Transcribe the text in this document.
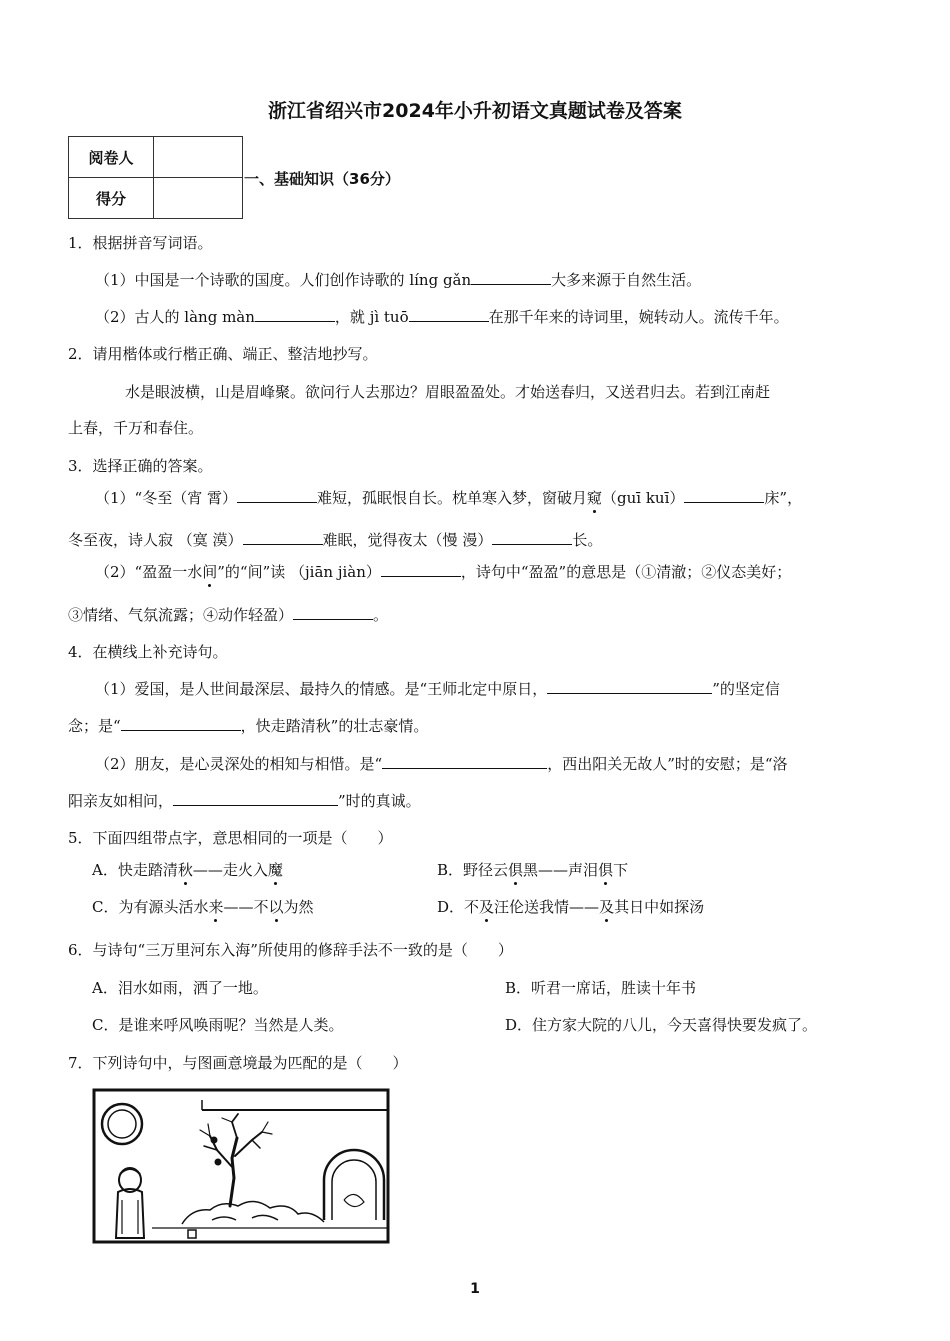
浙江省绍兴市2024年小升初语文真题试卷及答案
阅卷人	
得分	
一、基础知识（36分）
1．根据拼音写词语。
（1）中国是一个诗歌的国度。人们创作诗歌的 líng gǎn	大多来源于自然生活。
（2）古人的 làng màn	，就 jì tuō	在那千年来的诗词里，婉转动人。流传千年。
2．请用楷体或行楷正确、端正、整洁地抄写。
水是眼波横，山是眉峰聚。欲问行人去那边？眉眼盈盈处。才始送春归，又送君归去。若到江南赶
上春，千万和春住。
3．选择正确的答案。
（1）“冬至（宵 霄）	难短，孤眠恨自长。枕单寒入梦，窗破月窥（guī kuī）	床”，
冬至夜，诗人寂 （寞 漠）	难眠，觉得夜太（慢 漫）	长。
（2）“盈盈一水间”的“间”读 （jiān jiàn）	，诗句中“盈盈”的意思是（①清澈；②仪态美好；
③情绪、气氛流露；④动作轻盈）	。
4．在横线上补充诗句。
（1）爱国，是人世间最深层、最持久的情感。是“王师北定中原日，	”的坚定信
念；是“	，快走踏清秋”的壮志豪情。
（2）朋友，是心灵深处的相知与相惜。是“	，西出阳关无故人”时的安慰；是“洛
阳亲友如相问，	”时的真诚。
5．下面四组带点字，意思相同的一项是（　　）
A．快走踏清秋——走火入魔	B．野径云俱黑——声泪俱下
C．为有源头活水来——不以为然	D．不及汪伦送我情——及其日中如探汤
6．与诗句“三万里河东入海”所使用的修辞手法不一致的是（　　）
A．泪水如雨，洒了一地。	B．听君一席话，胜读十年书
C．是谁来呼风唤雨呢？当然是人类。	D．住方家大院的八儿，今天喜得快要发疯了。
7．下列诗句中，与图画意境最为匹配的是（　　）
1
